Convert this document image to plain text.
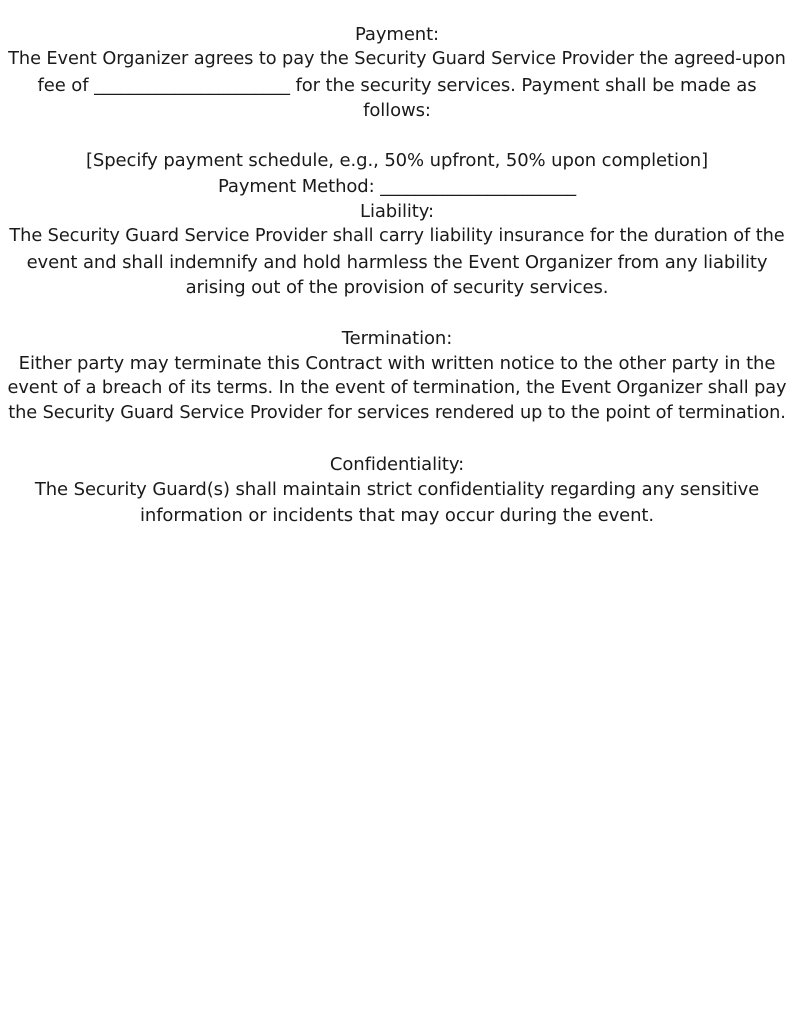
Payment:
The Event Organizer agrees to pay the Security Guard Service Provider the agreed-upon
fee of ______________________ for the security services. Payment shall be made as
follows:
[Specify payment schedule, e.g., 50% upfront, 50% upon completion]
Payment Method: ______________________
Liability:
The Security Guard Service Provider shall carry liability insurance for the duration of the
event and shall indemnify and hold harmless the Event Organizer from any liability
arising out of the provision of security services.
Termination:
Either party may terminate this Contract with written notice to the other party in the
event of a breach of its terms. In the event of termination, the Event Organizer shall pay
the Security Guard Service Provider for services rendered up to the point of termination.
Confidentiality:
The Security Guard(s) shall maintain strict confidentiality regarding any sensitive
information or incidents that may occur during the event.
